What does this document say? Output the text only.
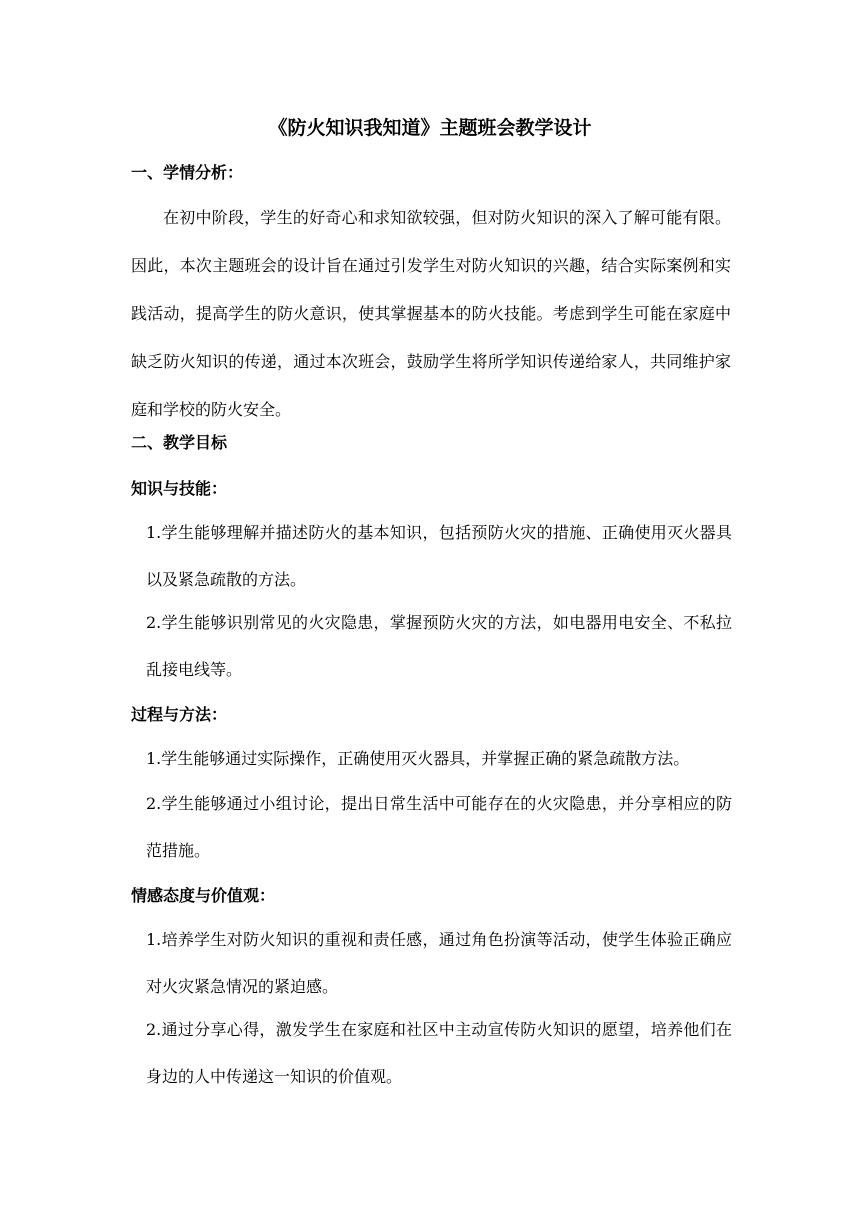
《防火知识我知道》主题班会教学设计
一、学情分析：

在初中阶段，学生的好奇心和求知欲较强，但对防火知识的深入了解可能有限。因此，本次主题班会的设计旨在通过引发学生对防火知识的兴趣，结合实际案例和实践活动，提高学生的防火意识，使其掌握基本的防火技能。考虑到学生可能在家庭中缺乏防火知识的传递，通过本次班会，鼓励学生将所学知识传递给家人，共同维护家庭和学校的防火安全。

二、教学目标
知识与技能：

1.学生能够理解并描述防火的基本知识，包括预防火灾的措施、正确使用灭火器具以及紧急疏散的方法。

2.学生能够识别常见的火灾隐患，掌握预防火灾的方法，如电器用电安全、不私拉乱接电线等。

过程与方法：

1.学生能够通过实际操作，正确使用灭火器具，并掌握正确的紧急疏散方法。

2.学生能够通过小组讨论，提出日常生活中可能存在的火灾隐患，并分享相应的防范措施。

情感态度与价值观：

1.培养学生对防火知识的重视和责任感，通过角色扮演等活动，使学生体验正确应对火灾紧急情况的紧迫感。

2.通过分享心得，激发学生在家庭和社区中主动宣传防火知识的愿望，培养他们在身边的人中传递这一知识的价值观。
